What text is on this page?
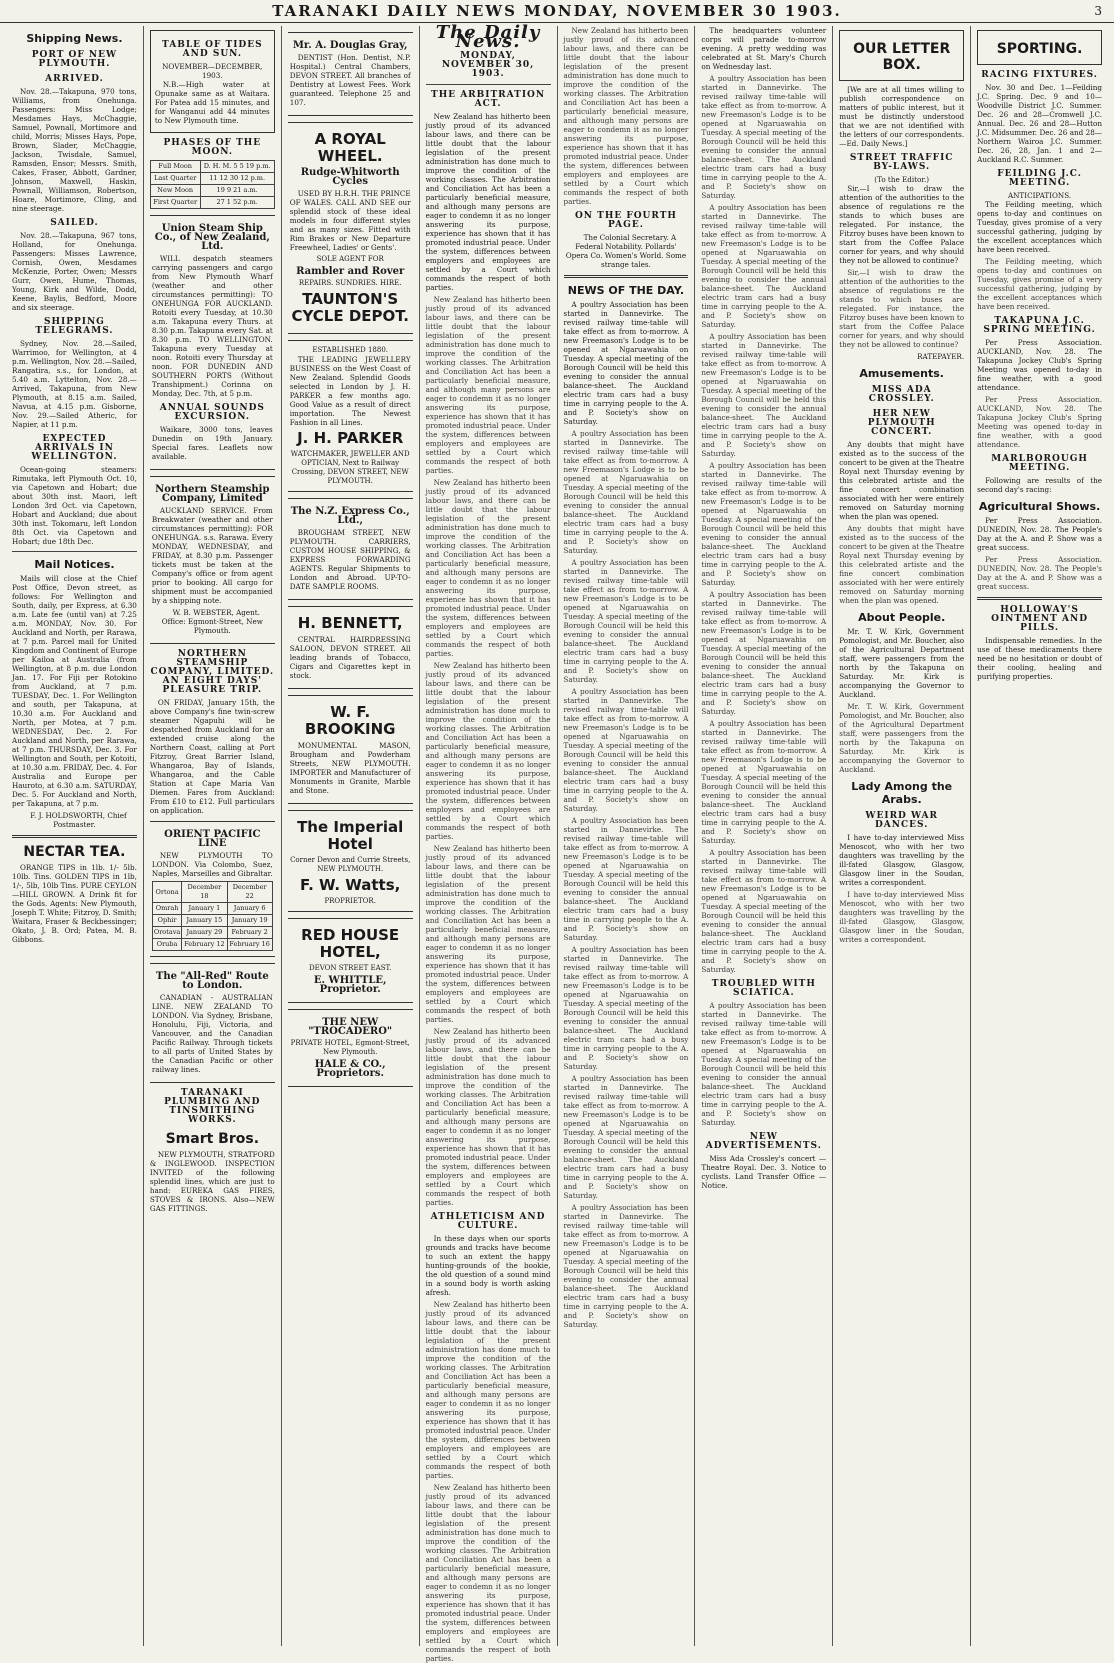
TARANAKI DAILY NEWS MONDAY, NOVEMBER 30 1903.	3
Shipping News.
PORT OF NEW PLYMOUTH.
ARRIVED.

Nov. 28.—Takapuna, 970 tons, Williams, from Onehunga. Passengers: Miss Lodge; Mesdames Hays, McChaggie, Samuel, Pownall, Mortimore and child, Morris; Misses Hays, Pope, Brown, Slader, McChaggie, Jackson, Twisdale, Samuel, Ramsden, Ensor; Messrs. Smith, Cakes, Fraser, Abbott, Gardner, Johnson, Maxwell, Haskin, Pownall, Williamson, Robertson, Hoare, Mortimore, Cling, and nine steerage.

SAILED.

Nov. 28.—Takapuna, 967 tons, Holland, for Onehunga. Passengers: Misses Lawrence, Cornish, Owen, Mesdames McKenzie, Porter, Owen; Messrs Gurr, Owen, Hume, Thomas, Young, Kirk and Wilde, Dodd, Keene, Baylis, Bedford, Moore and six steerage.

SHIPPING TELEGRAMS.

Sydney, Nov. 28.—Sailed, Warrimoo, for Wellington, at 4 p.m. Wellington, Nov. 28.—Sailed, Rangatira, s.s., for London, at 5.40 a.m. Lyttelton, Nov. 28.—Arrived, Takapuna, from New Plymouth, at 8.15 a.m. Sailed, Navua, at 4.15 p.m. Gisborne, Nov. 29.—Sailed Atheric, for Napier, at 11 p.m.

EXPECTED ARRIVALS IN WELLINGTON.

Ocean-going steamers: Rimutaka, left Plymouth Oct. 10, via Capetown and Hobart; due about 30th inst. Maori, left London 3rd Oct. via Capetown, Hobart and Auckland; due about 30th inst. Tokomaru, left London 8th Oct. via Capetown and Hobart; due 18th Dec.

Mail Notices.

Mails will close at the Chief Post Office, Devon street, as follows: For Wellington and South, daily, per Express, at 6.30 a.m. Late fee (until van) at 7.25 a.m. MONDAY, Nov. 30. For Auckland and North, per Rarawa, at 7 p.m. Parcel mail for United Kingdom and Continent of Europe per Kailoa at Australia (from Wellington, at 8 p.m. due London Jan. 17. For Fiji per Rotokino from Auckland, at 7 p.m. TUESDAY, Dec. 1. For Wellington and south, per Takapuna, at 10.30 a.m. For Auckland and North, per Motea, at 7 p.m. WEDNESDAY, Dec. 2. For Auckland and North, per Rarawa, at 7 p.m. THURSDAY, Dec. 3. For Wellington and South, per Kotoiti, at 10.30 a.m. FRIDAY, Dec. 4. For Australia and Europe per Hauroto, at 6.30 a.m. SATURDAY, Dec. 5. For Auckland and North, per Takapuna, at 7 p.m.

F. J. HOLDSWORTH, Chief Postmaster.

NECTAR TEA.

ORANGE TIPS in 1lb. 1/- 5lb. 10lb. Tins. GOLDEN TIPS in 1lb, 1/-, 5lb, 10lb Tins. PURE CEYLON—HILL GROWN. A Drink fit for the Gods. Agents: New Plymouth, Joseph T. White; Fitzroy, D. Smith; Waitara, Fraser & Beckbessinger; Okato, J. B. Ord; Patea, M. B. Gibbons.

TABLE OF TIDES AND SUN.
NOVEMBER—DECEMBER, 1903.

N.B.—High water at Opunake same as at Waitara. For Patea add 15 minutes, and for Wanganui add 44 minutes to New Plymouth time.

PHASES OF THE MOON.
Full Moon	D. H. M. 5 5 19 p.m.
Last Quarter	11 12 30 12 p.m.
New Moon	19 9 21 a.m.
First Quarter	27 1 52 p.m.
Union Steam Ship Co., of New Zealand, Ltd.

WILL despatch steamers carrying passengers and cargo from New Plymouth Wharf (weather and other circumstances permitting): TO ONEHUNGA FOR AUCKLAND. Rotoiti every Tuesday, at 10.30 a.m. Takapuna every Thurs. at 8.30 p.m. Takapuna every Sat. at 8.30 p.m. TO WELLINGTON. Takapuna every Tuesday at noon. Rotoiti every Thursday at noon. FOR DUNEDIN AND SOUTHERN PORTS (Without Transhipment.) Corinna on Monday, Dec. 7th, at 5 p.m.

ANNUAL SOUNDS EXCURSION.

Waikare, 3000 tons, leaves Dunedin on 19th January. Special fares. Leaflets now available.

Northern Steamship Company, Limited

AUCKLAND SERVICE. From Breakwater (weather and other circumstances permitting): FOR ONEHUNGA. s.s. Rarawa. Every MONDAY, WEDNESDAY, and FRIDAY, at 8.30 p.m. Passenger tickets must be taken at the Company's office or from agent prior to booking. All cargo for shipment must be accompanied by a shipping note.

W. B. WEBSTER, Agent. Office: Egmont-Street, New Plymouth.

NORTHERN STEAMSHIP COMPANY, LIMITED. AN EIGHT DAYS' PLEASURE TRIP.

ON FRIDAY, January 15th, the above Company's fine twin-screw steamer Ngapuhi will be despatched from Auckland for an extended cruise along the Northern Coast, calling at Port Fitzroy, Great Barrier Island, Whangaroa, Bay of Islands, Whangaroa, and the Cable Station at Cape Maria Van Diemen. Fares from Auckland: From £10 to £12. Full particulars on application.

ORIENT PACIFIC LINE

NEW PLYMOUTH TO LONDON. Via Colombo, Suez, Naples, Marseilles and Gibraltar.

Ortona	December 18	December 22
Omrah	January 1	January 6
Ophir	January 15	January 19
Orotava	January 29	February 2
Oruba	February 12	February 16
The "All-Red" Route to London.

CANADIAN - AUSTRALIAN LINE. NEW ZEALAND TO LONDON. Via Sydney, Brisbane, Honolulu, Fiji, Victoria, and Vancouver, and the Canadian Pacific Railway. Through tickets to all parts of United States by the Canadian Pacific or other railway lines.

TARANAKI PLUMBING AND TINSMITHING WORKS.
Smart Bros.

NEW PLYMOUTH, STRATFORD & INGLEWOOD. INSPECTION INVITED of the following splendid lines, which are just to hand: EUREKA GAS FIRES, STOVES & IRONS. Also—NEW GAS FITTINGS.

Mr. A. Douglas Gray,

DENTIST (Hon. Dentist, N.P. Hospital.) Central Chambers, DEVON STREET. All branches of Dentistry at Lowest Fees. Work guaranteed. Telephone 25 and 107.

A ROYAL WHEEL.
Rudge-Whitworth Cycles

USED BY H.R.H. THE PRINCE OF WALES. CALL AND SEE our splendid stock of these ideal models in four different styles and as many sizes. Fitted with Rim Brakes or New Departure Freewheel, Ladies' or Gents'.

SOLE AGENT FOR
Rambler and Rover
REPAIRS. SUNDRIES. HIRE.
TAUNTON'S CYCLE DEPOT.
ESTABLISHED 1880.

THE LEADING JEWELLERY BUSINESS on the West Coast of New Zealand. Splendid Goods selected in London by J. H. PARKER a few months ago. Good Value as a result of direct importation. The Newest Fashion in all Lines.

J. H. PARKER
WATCHMAKER, JEWELLER AND OPTICIAN, Next to Railway Crossing, DEVON STREET, NEW PLYMOUTH.
The N.Z. Express Co., Ltd.,

BROUGHAM STREET, NEW PLYMOUTH. CARRIERS, CUSTOM HOUSE SHIPPING, & EXPRESS FORWARDING AGENTS. Regular Shipments to London and Abroad. UP-TO-DATE SAMPLE ROOMS.

H. BENNETT,

CENTRAL HAIRDRESSING SALOON, DEVON STREET. All leading brands of Tobacco, Cigars and Cigarettes kept in stock.

W. F. BROOKING

MONUMENTAL MASON, Brougham and Powderham Streets, NEW PLYMOUTH. IMPORTER and Manufacturer of Monuments in Granite, Marble and Stone.

The Imperial Hotel
Corner Devon and Currie Streets, NEW PLYMOUTH.
F. W. Watts,
PROPRIETOR.
RED HOUSE HOTEL,
DEVON STREET EAST.
E. WHITTLE, Proprietor.
THE NEW "TROCADERO"
PRIVATE HOTEL, Egmont-Street, New Plymouth.
HALE & CO., Proprietors.
The Daily News.
MONDAY, NOVEMBER 30, 1903.
THE ARBITRATION ACT.

New Zealand has hitherto been justly proud of its advanced labour laws, and there can be little doubt that the labour legislation of the present administration has done much to improve the condition of the working classes. The Arbitration and Conciliation Act has been a particularly beneficial measure, and although many persons are eager to condemn it as no longer answering its purpose, experience has shown that it has promoted industrial peace. Under the system, differences between employers and employees are settled by a Court which commands the respect of both parties.

New Zealand has hitherto been justly proud of its advanced labour laws, and there can be little doubt that the labour legislation of the present administration has done much to improve the condition of the working classes. The Arbitration and Conciliation Act has been a particularly beneficial measure, and although many persons are eager to condemn it as no longer answering its purpose, experience has shown that it has promoted industrial peace. Under the system, differences between employers and employees are settled by a Court which commands the respect of both parties.

New Zealand has hitherto been justly proud of its advanced labour laws, and there can be little doubt that the labour legislation of the present administration has done much to improve the condition of the working classes. The Arbitration and Conciliation Act has been a particularly beneficial measure, and although many persons are eager to condemn it as no longer answering its purpose, experience has shown that it has promoted industrial peace. Under the system, differences between employers and employees are settled by a Court which commands the respect of both parties.

New Zealand has hitherto been justly proud of its advanced labour laws, and there can be little doubt that the labour legislation of the present administration has done much to improve the condition of the working classes. The Arbitration and Conciliation Act has been a particularly beneficial measure, and although many persons are eager to condemn it as no longer answering its purpose, experience has shown that it has promoted industrial peace. Under the system, differences between employers and employees are settled by a Court which commands the respect of both parties.

New Zealand has hitherto been justly proud of its advanced labour laws, and there can be little doubt that the labour legislation of the present administration has done much to improve the condition of the working classes. The Arbitration and Conciliation Act has been a particularly beneficial measure, and although many persons are eager to condemn it as no longer answering its purpose, experience has shown that it has promoted industrial peace. Under the system, differences between employers and employees are settled by a Court which commands the respect of both parties.

New Zealand has hitherto been justly proud of its advanced labour laws, and there can be little doubt that the labour legislation of the present administration has done much to improve the condition of the working classes. The Arbitration and Conciliation Act has been a particularly beneficial measure, and although many persons are eager to condemn it as no longer answering its purpose, experience has shown that it has promoted industrial peace. Under the system, differences between employers and employees are settled by a Court which commands the respect of both parties.

ATHLETICISM AND CULTURE.

In these days when our sports grounds and tracks have become to such an extent the happy hunting-grounds of the bookie, the old question of a sound mind in a sound body is worth asking afresh.

New Zealand has hitherto been justly proud of its advanced labour laws, and there can be little doubt that the labour legislation of the present administration has done much to improve the condition of the working classes. The Arbitration and Conciliation Act has been a particularly beneficial measure, and although many persons are eager to condemn it as no longer answering its purpose, experience has shown that it has promoted industrial peace. Under the system, differences between employers and employees are settled by a Court which commands the respect of both parties.

New Zealand has hitherto been justly proud of its advanced labour laws, and there can be little doubt that the labour legislation of the present administration has done much to improve the condition of the working classes. The Arbitration and Conciliation Act has been a particularly beneficial measure, and although many persons are eager to condemn it as no longer answering its purpose, experience has shown that it has promoted industrial peace. Under the system, differences between employers and employees are settled by a Court which commands the respect of both parties.

New Zealand has hitherto been justly proud of its advanced labour laws, and there can be little doubt that the labour legislation of the present administration has done much to improve the condition of the working classes. The Arbitration and Conciliation Act has been a particularly beneficial measure, and although many persons are eager to condemn it as no longer answering its purpose, experience has shown that it has promoted industrial peace. Under the system, differences between employers and employees are settled by a Court which commands the respect of both parties.

ON THE FOURTH PAGE.

The Colonial Secretary. A Federal Notability. Pollards' Opera Co. Women's World. Some strange tales.

NEWS OF THE DAY.

A poultry Association has been started in Dannevirke. The revised railway time-table will take effect as from to-morrow. A new Freemason's Lodge is to be opened at Ngaruawahia on Tuesday. A special meeting of the Borough Council will be held this evening to consider the annual balance-sheet. The Auckland electric tram cars had a busy time in carrying people to the A. and P. Society's show on Saturday.

A poultry Association has been started in Dannevirke. The revised railway time-table will take effect as from to-morrow. A new Freemason's Lodge is to be opened at Ngaruawahia on Tuesday. A special meeting of the Borough Council will be held this evening to consider the annual balance-sheet. The Auckland electric tram cars had a busy time in carrying people to the A. and P. Society's show on Saturday.

A poultry Association has been started in Dannevirke. The revised railway time-table will take effect as from to-morrow. A new Freemason's Lodge is to be opened at Ngaruawahia on Tuesday. A special meeting of the Borough Council will be held this evening to consider the annual balance-sheet. The Auckland electric tram cars had a busy time in carrying people to the A. and P. Society's show on Saturday.

A poultry Association has been started in Dannevirke. The revised railway time-table will take effect as from to-morrow. A new Freemason's Lodge is to be opened at Ngaruawahia on Tuesday. A special meeting of the Borough Council will be held this evening to consider the annual balance-sheet. The Auckland electric tram cars had a busy time in carrying people to the A. and P. Society's show on Saturday.

A poultry Association has been started in Dannevirke. The revised railway time-table will take effect as from to-morrow. A new Freemason's Lodge is to be opened at Ngaruawahia on Tuesday. A special meeting of the Borough Council will be held this evening to consider the annual balance-sheet. The Auckland electric tram cars had a busy time in carrying people to the A. and P. Society's show on Saturday.

A poultry Association has been started in Dannevirke. The revised railway time-table will take effect as from to-morrow. A new Freemason's Lodge is to be opened at Ngaruawahia on Tuesday. A special meeting of the Borough Council will be held this evening to consider the annual balance-sheet. The Auckland electric tram cars had a busy time in carrying people to the A. and P. Society's show on Saturday.

A poultry Association has been started in Dannevirke. The revised railway time-table will take effect as from to-morrow. A new Freemason's Lodge is to be opened at Ngaruawahia on Tuesday. A special meeting of the Borough Council will be held this evening to consider the annual balance-sheet. The Auckland electric tram cars had a busy time in carrying people to the A. and P. Society's show on Saturday.

A poultry Association has been started in Dannevirke. The revised railway time-table will take effect as from to-morrow. A new Freemason's Lodge is to be opened at Ngaruawahia on Tuesday. A special meeting of the Borough Council will be held this evening to consider the annual balance-sheet. The Auckland electric tram cars had a busy time in carrying people to the A. and P. Society's show on Saturday.

The headquarters volunteer corps will parade to-morrow evening. A pretty wedding was celebrated at St. Mary's Church on Wednesday last.

A poultry Association has been started in Dannevirke. The revised railway time-table will take effect as from to-morrow. A new Freemason's Lodge is to be opened at Ngaruawahia on Tuesday. A special meeting of the Borough Council will be held this evening to consider the annual balance-sheet. The Auckland electric tram cars had a busy time in carrying people to the A. and P. Society's show on Saturday.

A poultry Association has been started in Dannevirke. The revised railway time-table will take effect as from to-morrow. A new Freemason's Lodge is to be opened at Ngaruawahia on Tuesday. A special meeting of the Borough Council will be held this evening to consider the annual balance-sheet. The Auckland electric tram cars had a busy time in carrying people to the A. and P. Society's show on Saturday.

A poultry Association has been started in Dannevirke. The revised railway time-table will take effect as from to-morrow. A new Freemason's Lodge is to be opened at Ngaruawahia on Tuesday. A special meeting of the Borough Council will be held this evening to consider the annual balance-sheet. The Auckland electric tram cars had a busy time in carrying people to the A. and P. Society's show on Saturday.

A poultry Association has been started in Dannevirke. The revised railway time-table will take effect as from to-morrow. A new Freemason's Lodge is to be opened at Ngaruawahia on Tuesday. A special meeting of the Borough Council will be held this evening to consider the annual balance-sheet. The Auckland electric tram cars had a busy time in carrying people to the A. and P. Society's show on Saturday.

A poultry Association has been started in Dannevirke. The revised railway time-table will take effect as from to-morrow. A new Freemason's Lodge is to be opened at Ngaruawahia on Tuesday. A special meeting of the Borough Council will be held this evening to consider the annual balance-sheet. The Auckland electric tram cars had a busy time in carrying people to the A. and P. Society's show on Saturday.

A poultry Association has been started in Dannevirke. The revised railway time-table will take effect as from to-morrow. A new Freemason's Lodge is to be opened at Ngaruawahia on Tuesday. A special meeting of the Borough Council will be held this evening to consider the annual balance-sheet. The Auckland electric tram cars had a busy time in carrying people to the A. and P. Society's show on Saturday.

A poultry Association has been started in Dannevirke. The revised railway time-table will take effect as from to-morrow. A new Freemason's Lodge is to be opened at Ngaruawahia on Tuesday. A special meeting of the Borough Council will be held this evening to consider the annual balance-sheet. The Auckland electric tram cars had a busy time in carrying people to the A. and P. Society's show on Saturday.

TROUBLED WITH SCIATICA.

A poultry Association has been started in Dannevirke. The revised railway time-table will take effect as from to-morrow. A new Freemason's Lodge is to be opened at Ngaruawahia on Tuesday. A special meeting of the Borough Council will be held this evening to consider the annual balance-sheet. The Auckland electric tram cars had a busy time in carrying people to the A. and P. Society's show on Saturday.

NEW ADVERTISEMENTS.

Miss Ada Crossley's concert — Theatre Royal. Dec. 3. Notice to cyclists. Land Transfer Office — Notice.

OUR LETTER BOX.

[We are at all times willing to publish correspondence on matters of public interest, but it must be distinctly understood that we are not identified with the letters of our correspondents.—Ed. Daily News.]

STREET TRAFFIC BY-LAWS.
(To the Editor.)

Sir,—I wish to draw the attention of the authorities to the absence of regulations re the stands to which buses are relegated. For instance, the Fitzroy buses have been known to start from the Coffee Palace corner for years, and why should they not be allowed to continue?

Sir,—I wish to draw the attention of the authorities to the absence of regulations re the stands to which buses are relegated. For instance, the Fitzroy buses have been known to start from the Coffee Palace corner for years, and why should they not be allowed to continue?

RATEPAYER.

Amusements.
MISS ADA CROSSLEY.
HER NEW PLYMOUTH CONCERT.

Any doubts that might have existed as to the success of the concert to be given at the Theatre Royal next Thursday evening by this celebrated artiste and the fine concert combination associated with her were entirely removed on Saturday morning when the plan was opened.

Any doubts that might have existed as to the success of the concert to be given at the Theatre Royal next Thursday evening by this celebrated artiste and the fine concert combination associated with her were entirely removed on Saturday morning when the plan was opened.

About People.

Mr. T. W. Kirk, Government Pomologist, and Mr. Boucher, also of the Agricultural Department staff, were passengers from the north by the Takapuna on Saturday. Mr. Kirk is accompanying the Governor to Auckland.

Mr. T. W. Kirk, Government Pomologist, and Mr. Boucher, also of the Agricultural Department staff, were passengers from the north by the Takapuna on Saturday. Mr. Kirk is accompanying the Governor to Auckland.

Lady Among the Arabs.
WEIRD WAR DANCES.

I have to-day interviewed Miss Menoscot, who with her two daughters was travelling by the ill-fated Glasgow, Glasgow, Glasgow liner in the Soudan, writes a correspondent.

I have to-day interviewed Miss Menoscot, who with her two daughters was travelling by the ill-fated Glasgow, Glasgow, Glasgow liner in the Soudan, writes a correspondent.

SPORTING.
RACING FIXTURES.

Nov. 30 and Dec. 1—Feilding J.C. Spring. Dec. 9 and 10—Woodville District J.C. Summer. Dec. 26 and 28—Cromwell J.C. Annual. Dec. 26 and 28—Hutton J.C. Midsummer. Dec. 26 and 28—Northern Wairoa J.C. Summer. Dec. 26, 28, Jan. 1 and 2—Auckland R.C. Summer.

FEILDING J.C. MEETING.
ANTICIPATIONS.

The Feilding meeting, which opens to-day and continues on Tuesday, gives promise of a very successful gathering, judging by the excellent acceptances which have been received.

The Feilding meeting, which opens to-day and continues on Tuesday, gives promise of a very successful gathering, judging by the excellent acceptances which have been received.

TAKAPUNA J.C. SPRING MEETING.

Per Press Association. AUCKLAND, Nov. 28. The Takapuna Jockey Club's Spring Meeting was opened to-day in fine weather, with a good attendance.

Per Press Association. AUCKLAND, Nov. 28. The Takapuna Jockey Club's Spring Meeting was opened to-day in fine weather, with a good attendance.

MARLBOROUGH MEETING.

Following are results of the second day's racing:

Agricultural Shows.

Per Press Association. DUNEDIN, Nov. 28. The People's Day at the A. and P. Show was a great success.

Per Press Association. DUNEDIN, Nov. 28. The People's Day at the A. and P. Show was a great success.

HOLLOWAY'S OINTMENT AND PILLS.

Indispensable remedies. In the use of these medicaments there need be no hesitation or doubt of their cooling, healing and purifying properties.
